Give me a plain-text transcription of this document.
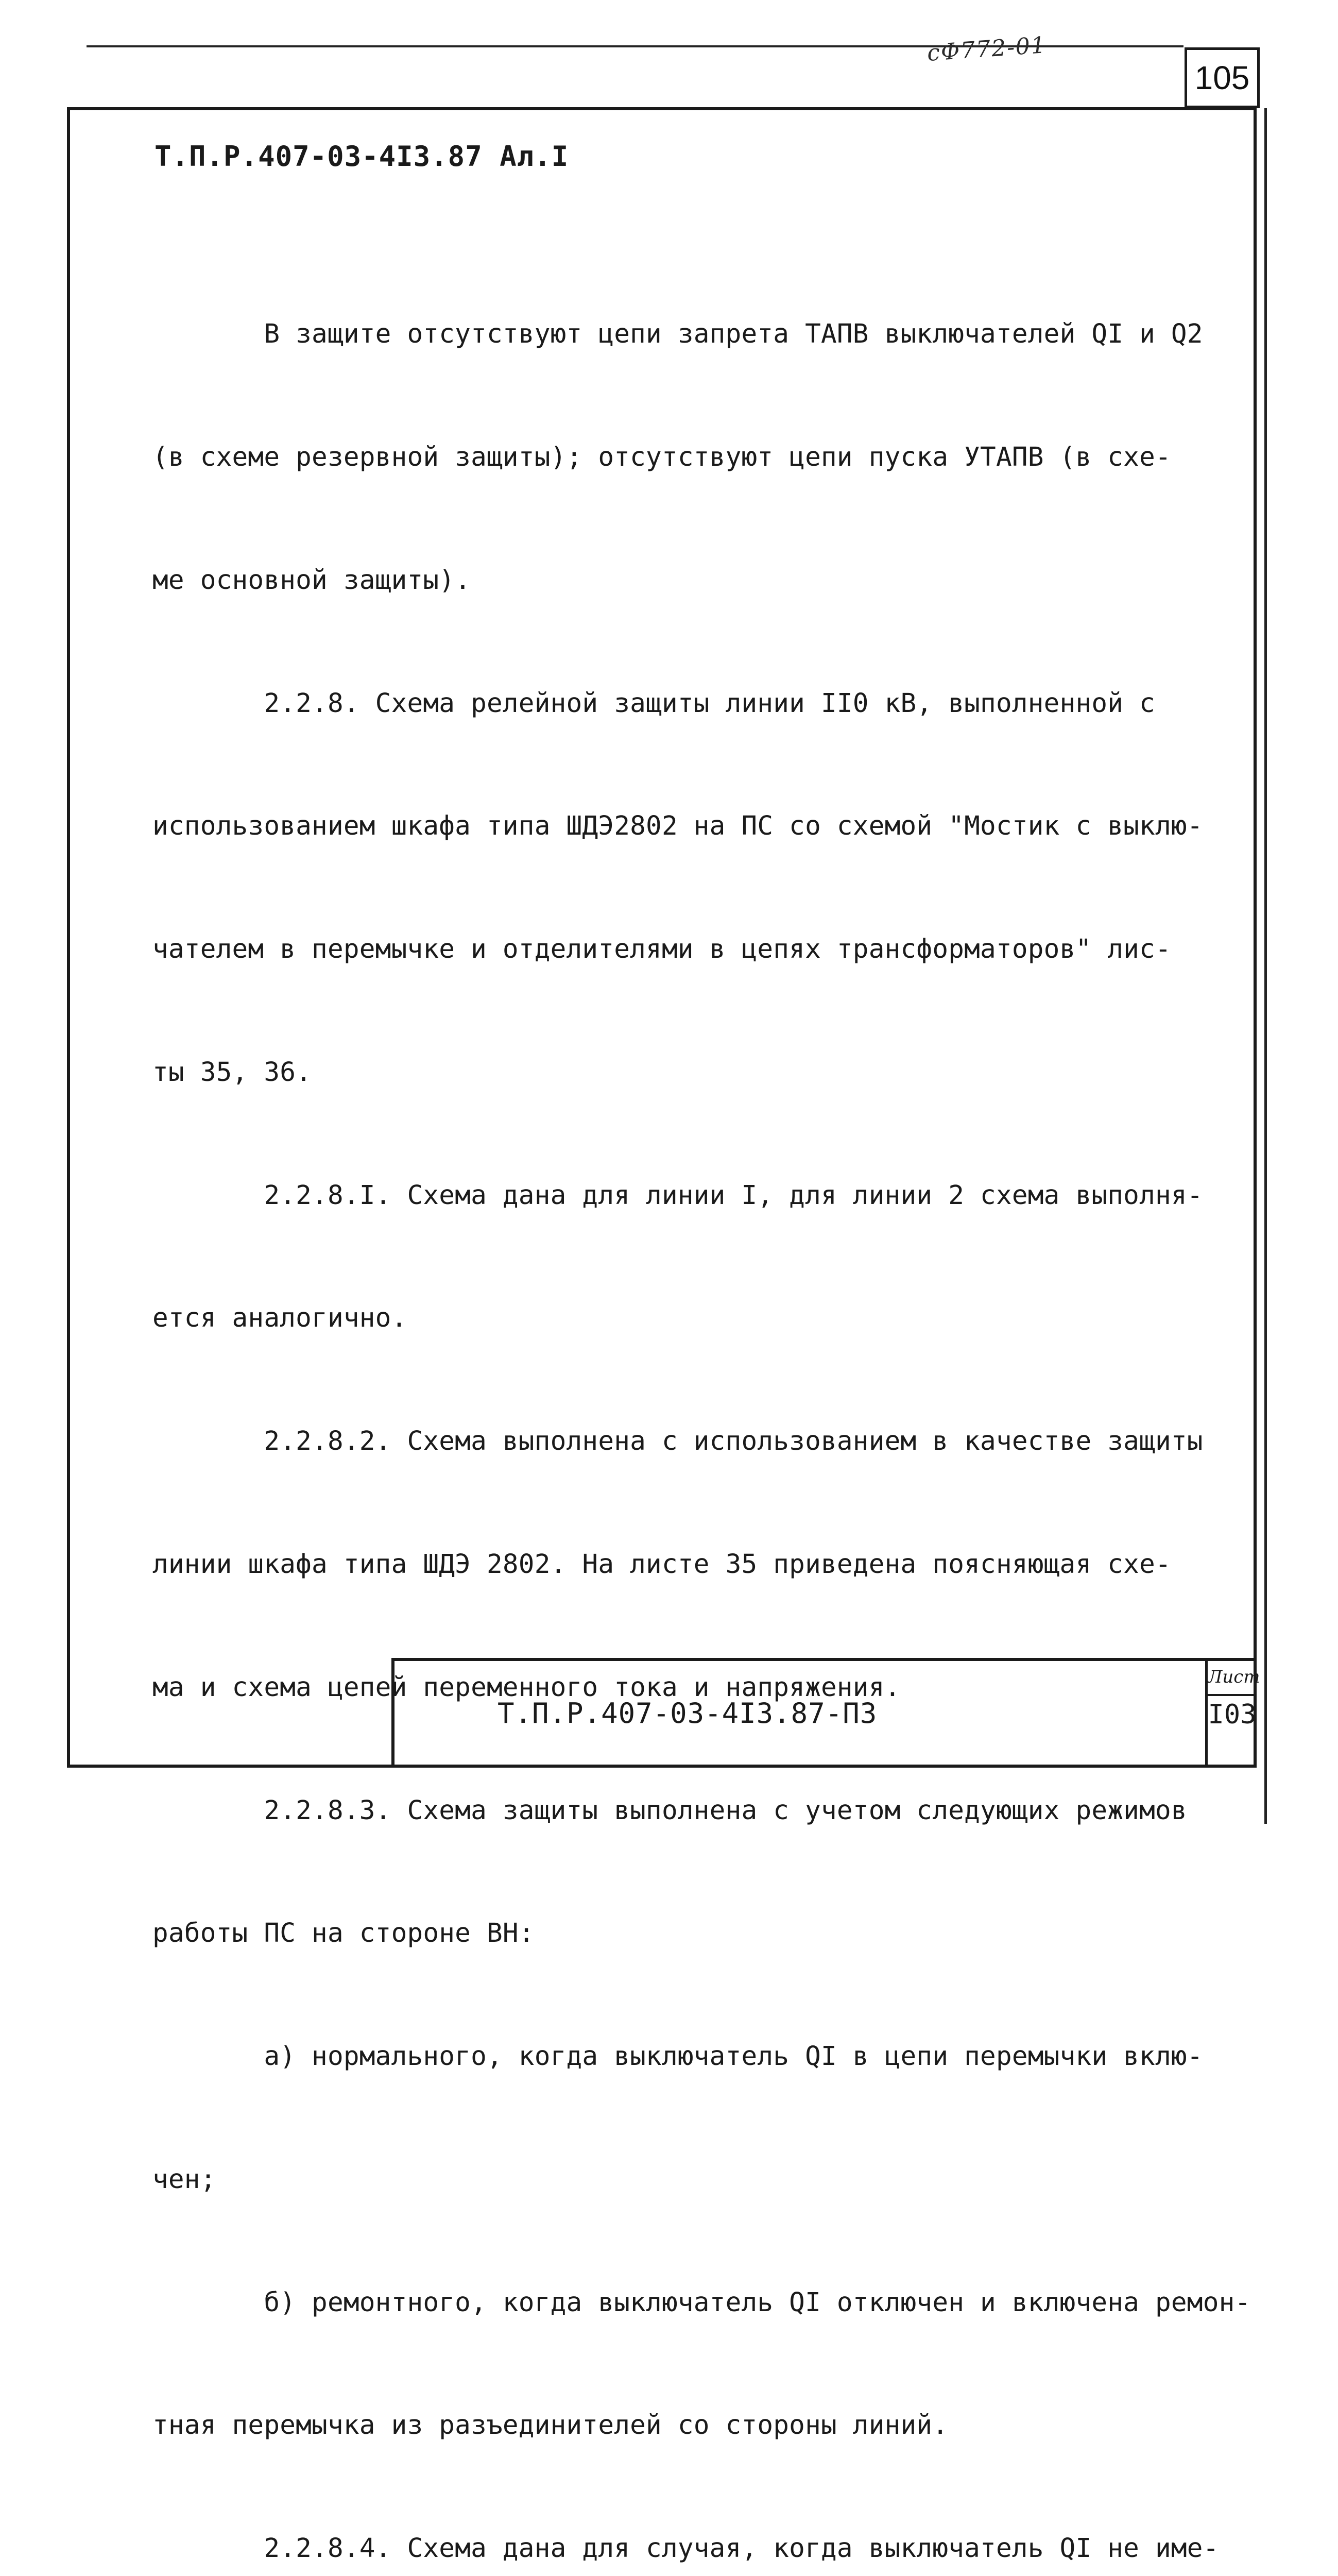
сФ772-01
105
Т.П.Р.407-03-4I3.87 Ал.I

В защите отсутствуют цепи запрета ТАПВ выключателей QI и Q2

(в схеме резервной защиты); отсутствуют цепи пуска УТАПВ (в схе-

ме основной защиты).

2.2.8. Схема релейной защиты линии II0 кВ, выполненной с

использованием шкафа типа ШДЭ2802 на ПС со схемой "Мостик с выклю-

чателем в перемычке и отделителями в цепях трансформаторов" лис-

ты 35, 36.

2.2.8.I. Схема дана для линии I, для линии 2 схема выполня-

ется аналогично.

2.2.8.2. Схема выполнена с использованием в качестве защиты

линии шкафа типа ШДЭ 2802. На листе 35 приведена поясняющая схе-

ма и схема цепей переменного тока и напряжения.

2.2.8.3. Схема защиты выполнена с учетом следующих режимов

работы ПС на стороне ВН:

а) нормального, когда выключатель QI в цепи перемычки вклю-

чен;

б) ремонтного, когда выключатель QI отключен и включена ремон-

тная перемычка из разъединителей со стороны линий.

2.2.8.4. Схема дана для случая, когда выключатель QI не име-

Т.П.Р.407-03-4I3.87-ПЗ
Лист
I03
